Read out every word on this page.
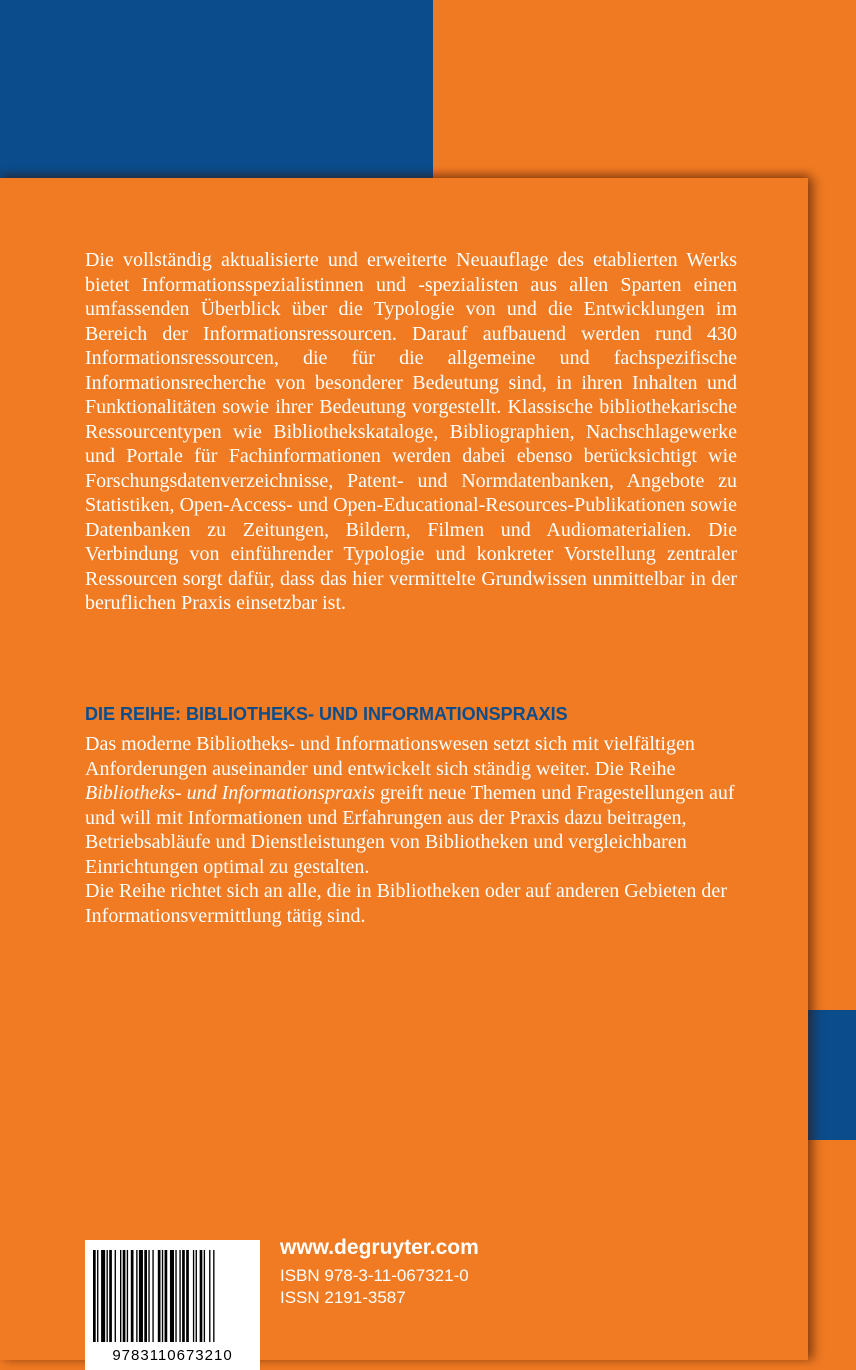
Die vollständig aktualisierte und erweiterte Neuauflage des etablierten Werks bietet Informationsspezialistinnen und -spezialisten aus allen Sparten einen umfassenden Überblick über die Typologie von und die Entwicklungen im Bereich der Informationsressourcen. Darauf aufbauend werden rund 430 Informationsressourcen, die für die allgemeine und fachspezifische Informationsrecherche von besonderer Bedeutung sind, in ihren Inhalten und Funktionalitäten sowie ihrer Bedeutung vorgestellt. Klassische bibliothekarische Ressourcentypen wie Bibliothekskataloge, Bibliographien, Nachschlagewerke und Portale für Fachinformationen werden dabei ebenso berücksichtigt wie Forschungsdatenverzeichnisse, Patent- und Normdatenbanken, Angebote zu Statistiken, Open-Access- und Open-Educational-Resources-Publikationen sowie Datenbanken zu Zeitungen, Bildern, Filmen und Audiomaterialien. Die Verbindung von einführender Typologie und konkreter Vorstellung zentraler Ressourcen sorgt dafür, dass das hier vermittelte Grundwissen unmittelbar in der beruflichen Praxis einsetzbar ist.

DIE REIHE: BIBLIOTHEKS- UND INFORMATIONSPRAXIS

Das moderne Bibliotheks- und Informationswesen setzt sich mit vielfältigen Anforderungen auseinander und entwickelt sich ständig weiter. Die Reihe Bibliotheks- und Informationspraxis greift neue Themen und Fragestellungen auf und will mit Informationen und Erfahrungen aus der Praxis dazu beitragen, Betriebsabläufe und Dienstleistungen von Bibliotheken und vergleichbaren Einrichtungen optimal zu gestalten.
Die Reihe richtet sich an alle, die in Bibliotheken oder auf anderen Gebieten der Informationsvermittlung tätig sind.

9783110673210

www.degruyter.com

ISBN 978-3-11-067321-0

ISSN 2191-3587
